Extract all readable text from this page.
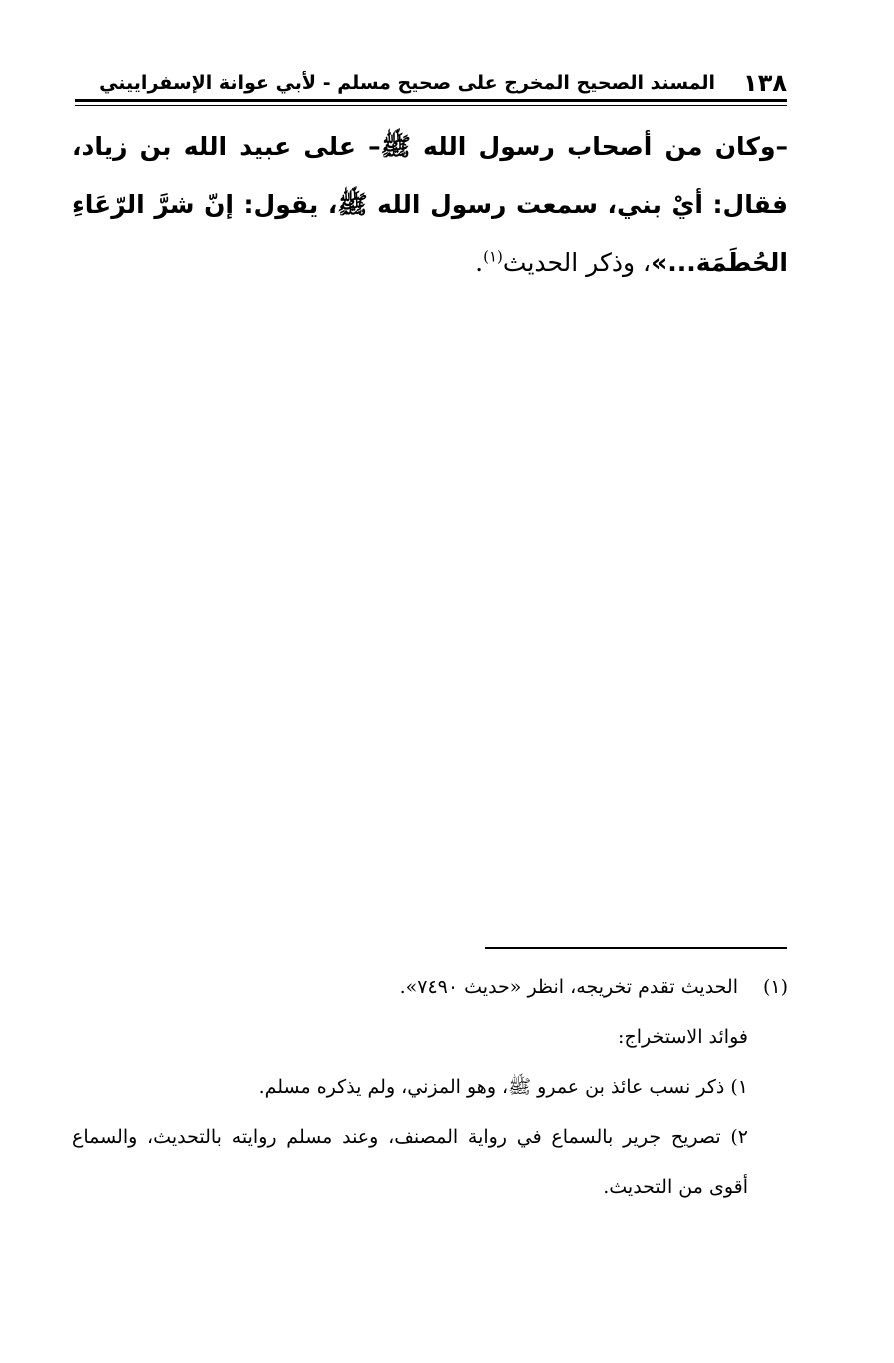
١٣٨
المسند الصحيح المخرج على صحيح مسلم - لأبي عوانة الإسفراييني

–وكان من أصحاب رسول الله ﷺ– على عبيد الله بن زياد، فقال: أيْ بني، سمعت رسول الله ﷺ، يقول: إنّ شرَّ الرّعَاءِ الحُطَمَة...»، وذكر الحديث$^{(١)}$.

(١)
الحديث تقدم تخريجه، انظر «حديث ٧٤٩٠».

فوائد الاستخراج:

١) ذكر نسب عائذ بن عمرو ﷺ، وهو المزني، ولم يذكره مسلم.

٢) تصريح جرير بالسماع في رواية المصنف، وعند مسلم روايته بالتحديث، والسماع أقوى من التحديث.
